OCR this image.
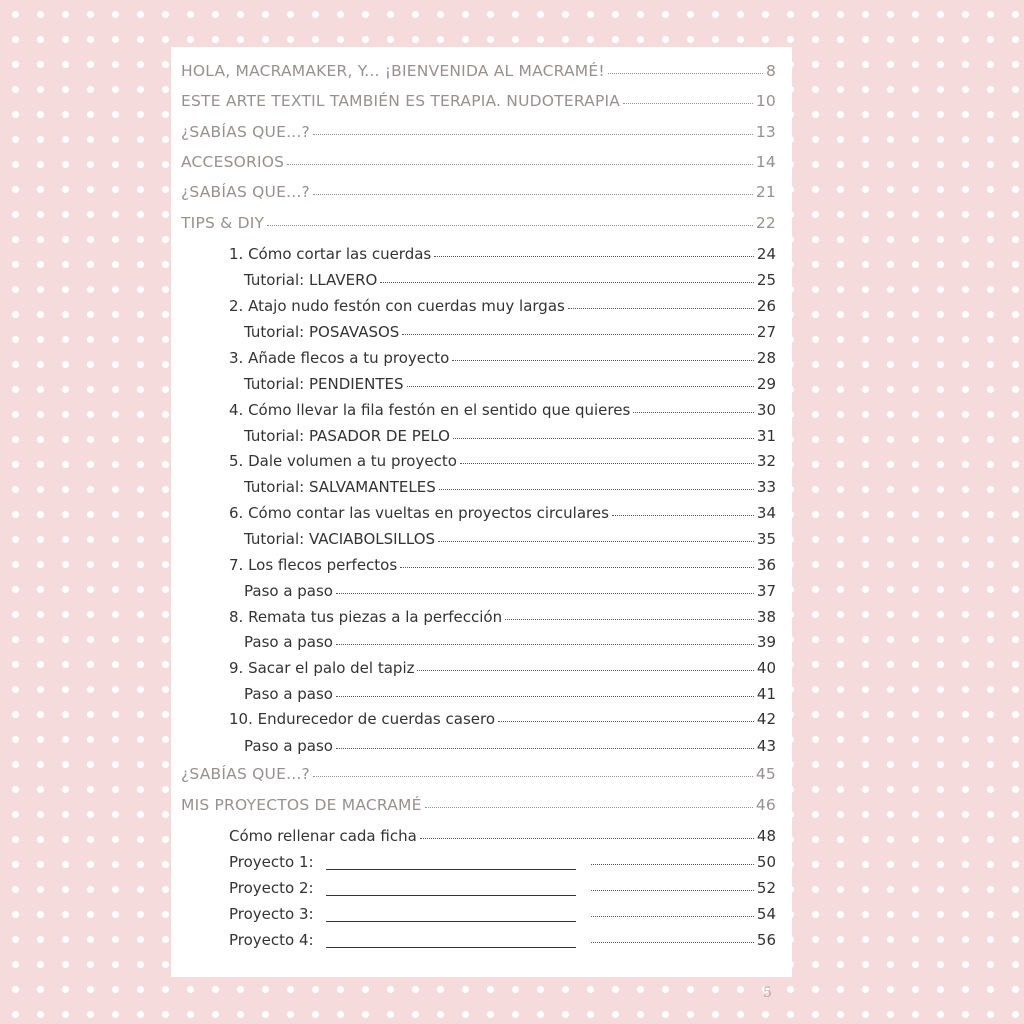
HOLA, MACRAMAKER, Y... ¡BIENVENIDA AL MACRAMÉ!	8
ESTE ARTE TEXTIL TAMBIÉN ES TERAPIA. NUDOTERAPIA	10
¿SABÍAS QUE...?	13
ACCESORIOS	14
¿SABÍAS QUE...?	21
TIPS & DIY	22
1. Cómo cortar las cuerdas	24
Tutorial: LLAVERO	25
2. Atajo nudo festón con cuerdas muy largas	26
Tutorial: POSAVASOS	27
3. Añade flecos a tu proyecto	28
Tutorial: PENDIENTES	29
4. Cómo llevar la fila festón en el sentido que quieres	30
Tutorial: PASADOR DE PELO	31
5. Dale volumen a tu proyecto	32
Tutorial: SALVAMANTELES	33
6. Cómo contar las vueltas en proyectos circulares	34
Tutorial: VACIABOLSILLOS	35
7. Los flecos perfectos	36
Paso a paso	37
8. Remata tus piezas a la perfección	38
Paso a paso	39
9. Sacar el palo del tapiz	40
Paso a paso	41
10. Endurecedor de cuerdas casero	42
Paso a paso	43
¿SABÍAS QUE...?	45
MIS PROYECTOS DE MACRAMÉ	46
Cómo rellenar cada ficha	48
Proyecto 1:	50
Proyecto 2:	52
Proyecto 3:	54
Proyecto 4:	56
5
